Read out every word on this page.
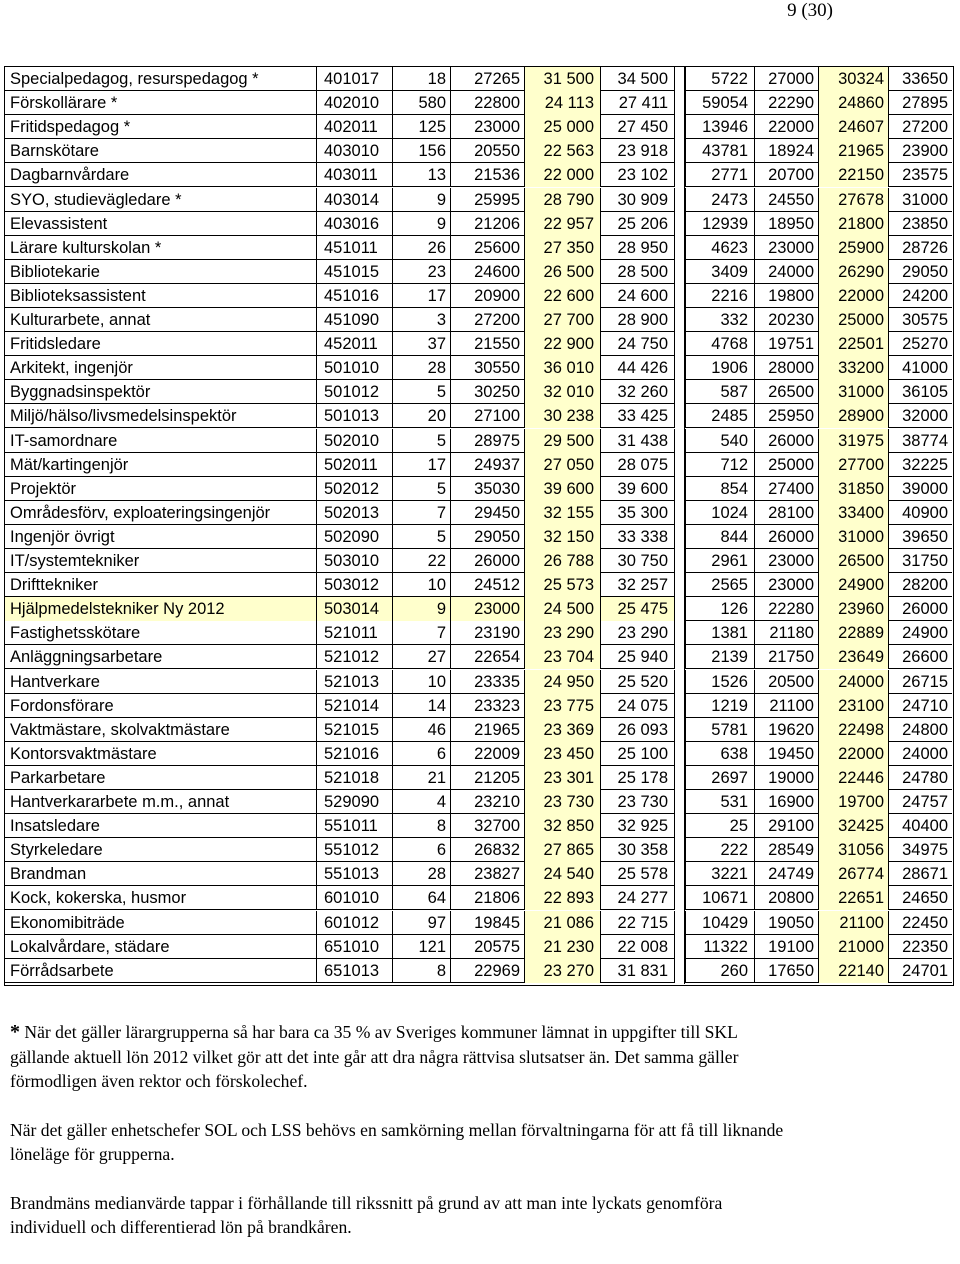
9 (30)
Specialpedagog, resurspedagog *	401017	18	27265	31 500	34 500	5722	27000	30324	33650
Förskollärare *	402010	580	22800	24 113	27 411	59054	22290	24860	27895
Fritidspedagog *	402011	125	23000	25 000	27 450	13946	22000	24607	27200
Barnskötare	403010	156	20550	22 563	23 918	43781	18924	21965	23900
Dagbarnvårdare	403011	13	21536	22 000	23 102	2771	20700	22150	23575
SYO, studievägledare *	403014	9	25995	28 790	30 909	2473	24550	27678	31000
Elevassistent	403016	9	21206	22 957	25 206	12939	18950	21800	23850
Lärare kulturskolan *	451011	26	25600	27 350	28 950	4623	23000	25900	28726
Bibliotekarie	451015	23	24600	26 500	28 500	3409	24000	26290	29050
Biblioteksassistent	451016	17	20900	22 600	24 600	2216	19800	22000	24200
Kulturarbete, annat	451090	3	27200	27 700	28 900	332	20230	25000	30575
Fritidsledare	452011	37	21550	22 900	24 750	4768	19751	22501	25270
Arkitekt, ingenjör	501010	28	30550	36 010	44 426	1906	28000	33200	41000
Byggnadsinspektör	501012	5	30250	32 010	32 260	587	26500	31000	36105
Miljö/hälso/livsmedelsinspektör	501013	20	27100	30 238	33 425	2485	25950	28900	32000
IT-samordnare	502010	5	28975	29 500	31 438	540	26000	31975	38774
Mät/kartingenjör	502011	17	24937	27 050	28 075	712	25000	27700	32225
Projektör	502012	5	35030	39 600	39 600	854	27400	31850	39000
Områdesförv, exploateringsingenjör	502013	7	29450	32 155	35 300	1024	28100	33400	40900
Ingenjör övrigt	502090	5	29050	32 150	33 338	844	26000	31000	39650
IT/systemtekniker	503010	22	26000	26 788	30 750	2961	23000	26500	31750
Drifttekniker	503012	10	24512	25 573	32 257	2565	23000	24900	28200
Hjälpmedelstekniker Ny 2012	503014	9	23000	24 500	25 475	126	22280	23960	26000
Fastighetsskötare	521011	7	23190	23 290	23 290	1381	21180	22889	24900
Anläggningsarbetare	521012	27	22654	23 704	25 940	2139	21750	23649	26600
Hantverkare	521013	10	23335	24 950	25 520	1526	20500	24000	26715
Fordonsförare	521014	14	23323	23 775	24 075	1219	21100	23100	24710
Vaktmästare, skolvaktmästare	521015	46	21965	23 369	26 093	5781	19620	22498	24800
Kontorsvaktmästare	521016	6	22009	23 450	25 100	638	19450	22000	24000
Parkarbetare	521018	21	21205	23 301	25 178	2697	19000	22446	24780
Hantverkararbete m.m., annat	529090	4	23210	23 730	23 730	531	16900	19700	24757
Insatsledare	551011	8	32700	32 850	32 925	25	29100	32425	40400
Styrkeledare	551012	6	26832	27 865	30 358	222	28549	31056	34975
Brandman	551013	28	23827	24 540	25 578	3221	24749	26774	28671
Kock, kokerska, husmor	601010	64	21806	22 893	24 277	10671	20800	22651	24650
Ekonomibiträde	601012	97	19845	21 086	22 715	10429	19050	21100	22450
Lokalvårdare, städare	651010	121	20575	21 230	22 008	11322	19100	21000	22350
Förrådsarbete	651013	8	22969	23 270	31 831	260	17650	22140	24701

* När det gäller lärargrupperna så har bara ca 35 % av Sveriges kommuner lämnat in uppgifter till SKL gällande aktuell lön 2012 vilket gör att det inte går att dra några rättvisa slutsatser än. Det samma gäller förmodligen även rektor och förskolechef.

När det gäller enhetschefer SOL och LSS behövs en samkörning mellan förvaltningarna för att få till liknande löneläge för grupperna.

Brandmäns medianvärde tappar i förhållande till rikssnitt på grund av att man inte lyckats genomföra individuell och differentierad lön på brandkåren.
